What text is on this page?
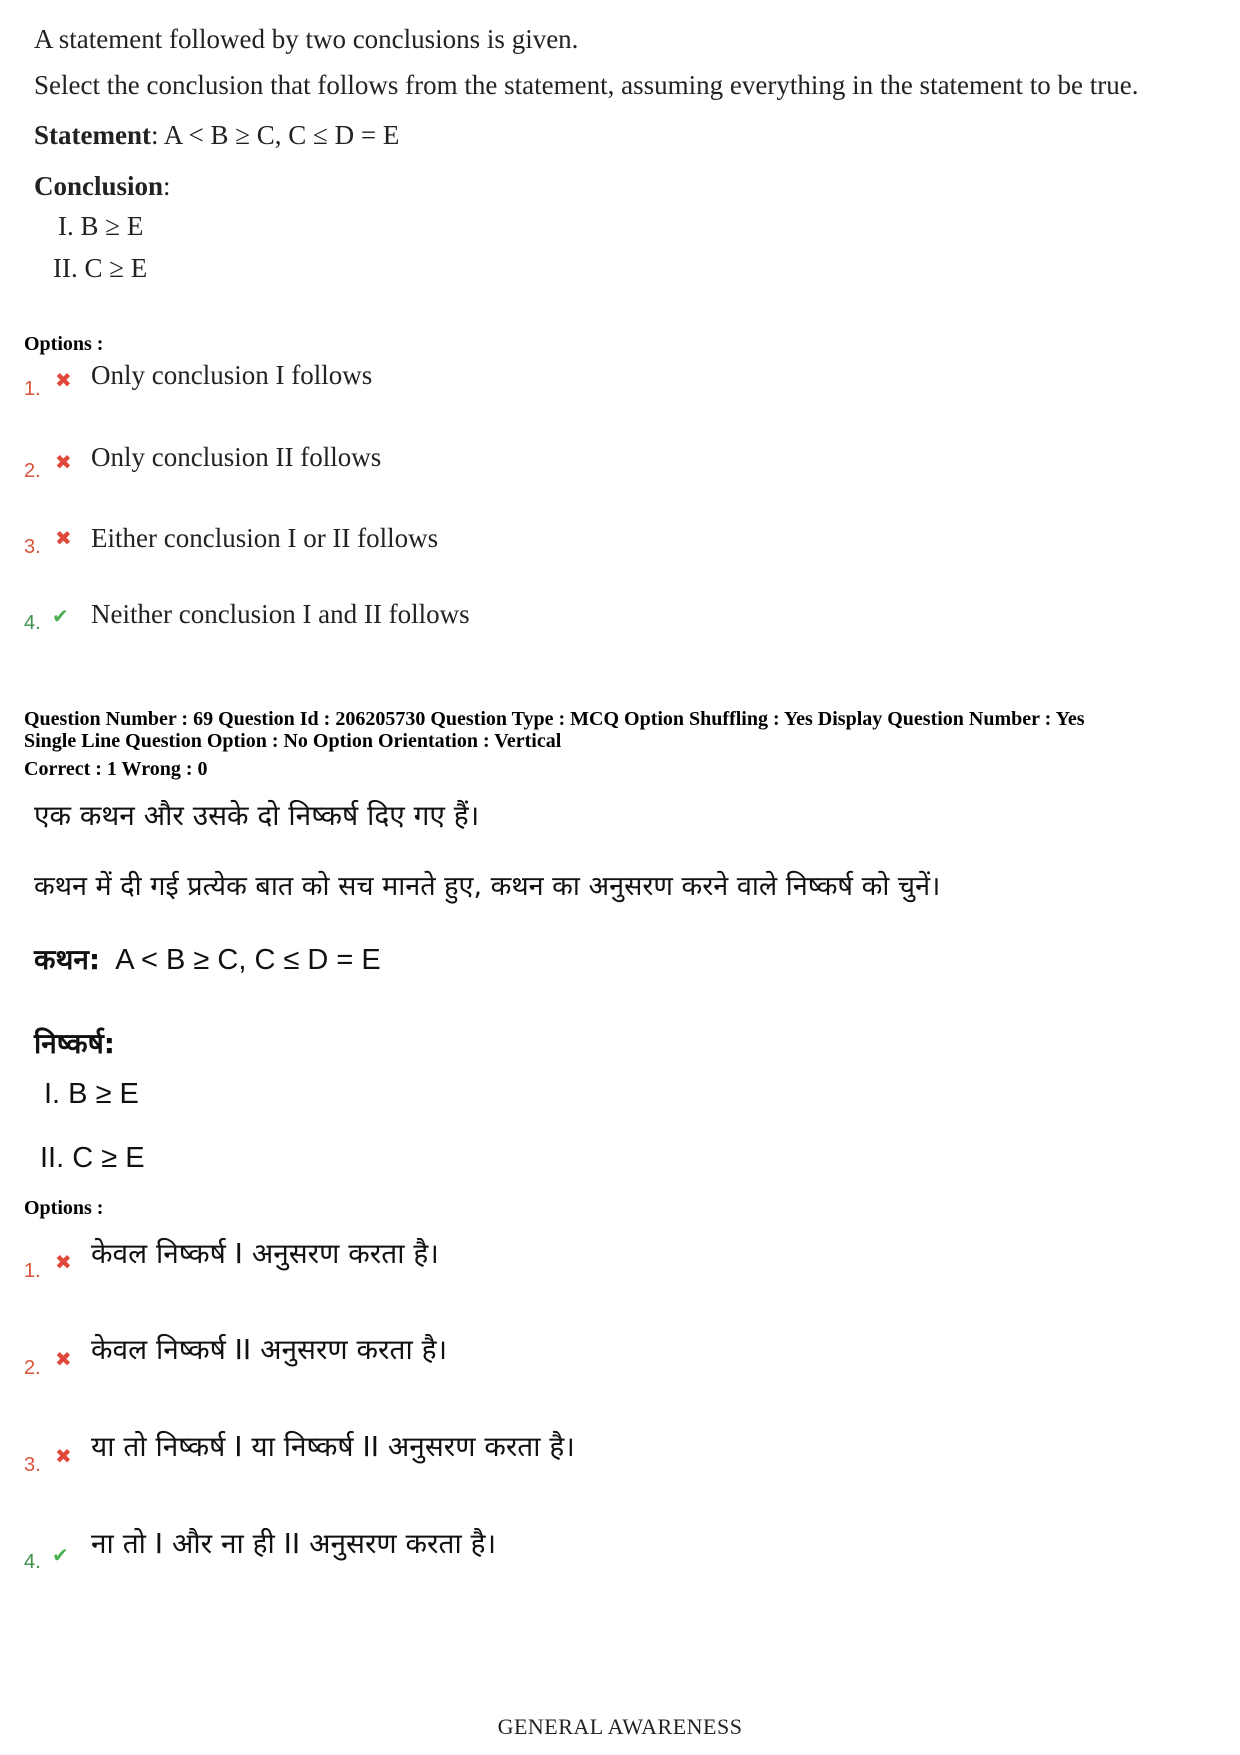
A statement followed by two conclusions is given.
Select the conclusion that follows from the statement, assuming everything in the statement to be true.
Statement: A < B ≥ C, C ≤ D = E
Conclusion:
I. B ≥ E
II. C ≥ E
Options :
1. ✖ Only conclusion I follows
2. ✖ Only conclusion II follows
3. ✖ Either conclusion I or II follows
4. ✔ Neither conclusion I and II follows
Question Number : 69 Question Id : 206205730 Question Type : MCQ Option Shuffling : Yes Display Question Number : Yes
Single Line Question Option : No Option Orientation : Vertical
Correct : 1 Wrong : 0
एक कथन और उसके दो निष्कर्ष दिए गए हैं।
कथन में दी गई प्रत्येक बात को सच मानते हुए, कथन का अनुसरण करने वाले निष्कर्ष को चुनें।
कथन: A < B ≥ C, C ≤ D = E
निष्कर्ष:
I. B ≥ E
II. C ≥ E
Options :
1. ✖ केवल निष्कर्ष I अनुसरण करता है।
2. ✖ केवल निष्कर्ष II अनुसरण करता है।
3. ✖ या तो निष्कर्ष I या निष्कर्ष II अनुसरण करता है।
4. ✔ ना तो I और ना ही II अनुसरण करता है।
GENERAL AWARENESS
